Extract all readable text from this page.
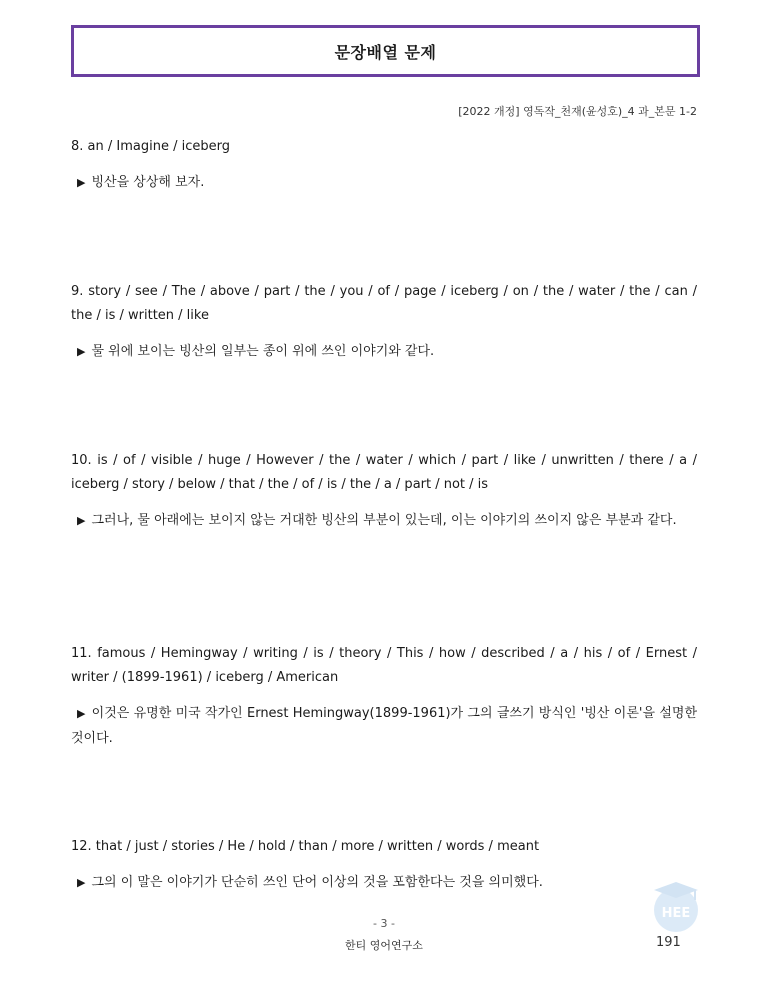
문장배열 문제
[2022 개정] 영독작_천재(윤성호)_4 과_본문 1-2

8. an / Imagine / iceberg

▶ 빙산을 상상해 보자.

9. story / see / The / above / part / the / you / of / page / iceberg / on / the / water / the / can / the / is / written / like

▶ 물 위에 보이는 빙산의 일부는 종이 위에 쓰인 이야기와 같다.

10. is / of / visible / huge / However / the / water / which / part / like / unwritten / there / a / iceberg / story / below / that / the / of / is / the / a / part / not / is

▶ 그러나, 물 아래에는 보이지 않는 거대한 빙산의 부분이 있는데, 이는 이야기의 쓰이지 않은 부분과 같다.

11. famous / Hemingway / writing / is / theory / This / how / described / a / his / of / Ernest / writer / (1899-1961) / iceberg / American

▶ 이것은 유명한 미국 작가인 Ernest Hemingway(1899-1961)가 그의 글쓰기 방식인 '빙산 이론'을 설명한 것이다.

12. that / just / stories / He / hold / than / more / written / words / meant

▶ 그의 이 말은 이야기가 단순히 쓰인 단어 이상의 것을 포함한다는 것을 의미했다.

HEE
- 3 -
한티 영어연구소	191
